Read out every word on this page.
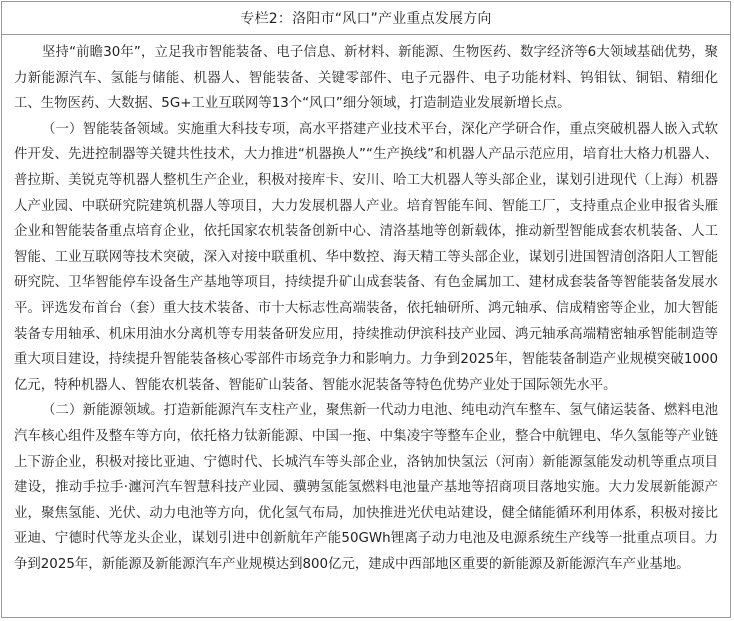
专栏2：洛阳市“风口”产业重点发展方向

坚持“前瞻30年”，立足我市智能装备、电子信息、新材料、新能源、生物医药、数字经济等6大领域基础优势，聚力新能源汽车、氢能与储能、机器人、智能装备、关键零部件、电子元器件、电子功能材料、钨钼钛、铜铝、精细化工、生物医药、大数据、5G+工业互联网等13个“风口”细分领域，打造制造业发展新增长点。

（一）智能装备领域。实施重大科技专项，高水平搭建产业技术平台，深化产学研合作，重点突破机器人嵌入式软件开发、先进控制器等关键共性技术，大力推进“机器换人”“生产换线”和机器人产品示范应用，培育壮大格力机器人、普拉斯、美锐克等机器人整机生产企业，积极对接库卡、安川、哈工大机器人等头部企业，谋划引进现代（上海）机器人产业园、中联研究院建筑机器人等项目，大力发展机器人产业。培育智能车间、智能工厂，支持重点企业申报省头雁企业和智能装备重点培育企业，依托国家农机装备创新中心、清洛基地等创新载体，推动新型智能成套农机装备、人工智能、工业互联网等技术突破，深入对接中联重机、华中数控、海天精工等头部企业，谋划引进国智清创洛阳人工智能研究院、卫华智能停车设备生产基地等项目，持续提升矿山成套装备、有色金属加工、建材成套装备等智能装备发展水平。评选发布首台（套）重大技术装备、市十大标志性高端装备，依托轴研所、鸿元轴承、信成精密等企业，加大智能装备专用轴承、机床用油水分离机等专用装备研发应用，持续推动伊滨科技产业园、鸿元轴承高端精密轴承智能制造等重大项目建设，持续提升智能装备核心零部件市场竞争力和影响力。力争到2025年，智能装备制造产业规模突破1000亿元，特种机器人、智能农机装备、智能矿山装备、智能水泥装备等特色优势产业处于国际领先水平。

（二）新能源领域。打造新能源汽车支柱产业，聚焦新一代动力电池、纯电动汽车整车、氢气储运装备、燃料电池汽车核心组件及整车等方向，依托格力钛新能源、中国一拖、中集凌宇等整车企业，整合中航锂电、华久氢能等产业链上下游企业，积极对接比亚迪、宁德时代、长城汽车等头部企业，洛钠加快氢沄（河南）新能源氢能发动机等重点项目建设，推动手拉手·瀍河汽车智慧科技产业园、骥骋氢能氢燃料电池量产基地等招商项目落地实施。大力发展新能源产业，聚焦氢能、光伏、动力电池等方向，优化氢气布局，加快推进光伏电站建设，健全储能循环利用体系，积极对接比亚迪、宁德时代等龙头企业，谋划引进中创新航年产能50GWh锂离子动力电池及电源系统生产线等一批重点项目。力争到2025年，新能源及新能源汽车产业规模达到800亿元，建成中西部地区重要的新能源及新能源汽车产业基地。
